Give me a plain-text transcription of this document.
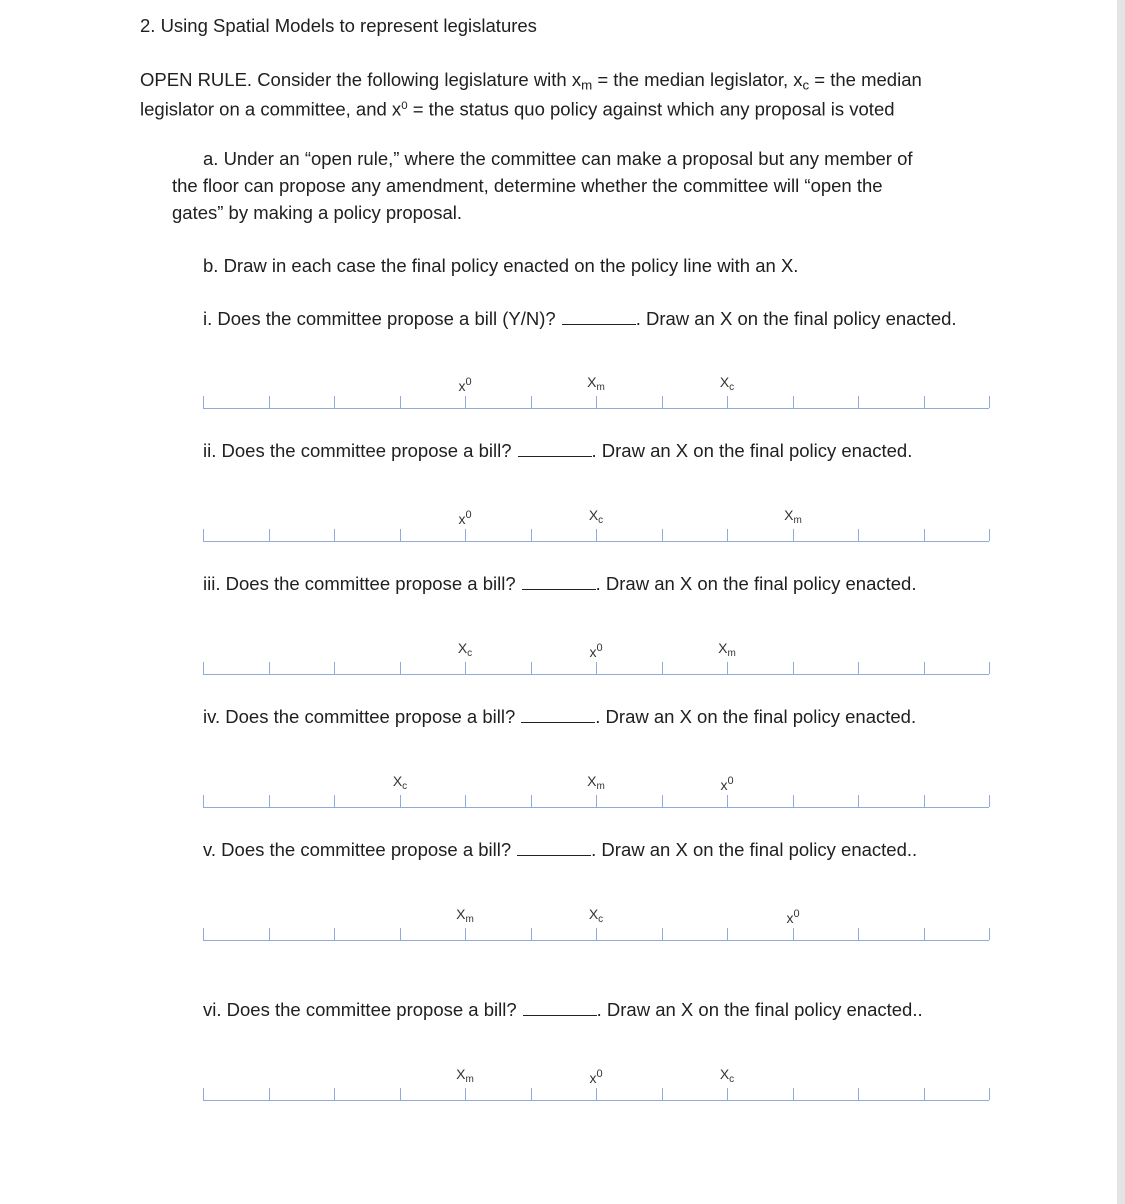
2. Using Spatial Models to represent legislatures
OPEN RULE. Consider the following legislature with $x_m$ = the median legislator, $x_c$ = the median
legislator on a committee, and $x^0$ = the status quo policy against which any proposal is voted
a. Under an “open rule,” where the committee can make a proposal but any member of
the floor can propose any amendment, determine whether the committee will “open the
gates” by making a policy proposal.
b. Draw in each case the final policy enacted on the policy line with an X.
i. Does the committee propose a bill (Y/N)?	. Draw an X on the final policy enacted.
ii. Does the committee propose a bill?	. Draw an X on the final policy enacted.
iii. Does the committee propose a bill?	. Draw an X on the final policy enacted.
iv. Does the committee propose a bill?	. Draw an X on the final policy enacted.
v. Does the committee propose a bill?	. Draw an X on the final policy enacted..
vi. Does the committee propose a bill?	. Draw an X on the final policy enacted..
$x^0$	$X_m$	$X_c$
$x^0$	$X_m$
$X_c$
$x^0$	$X_m$
$X_c$
$x^0$
$X_m$
$X_c$
$x^0$
$X_m$	$X_c$
$x^0$
$X_m$	$X_c$
